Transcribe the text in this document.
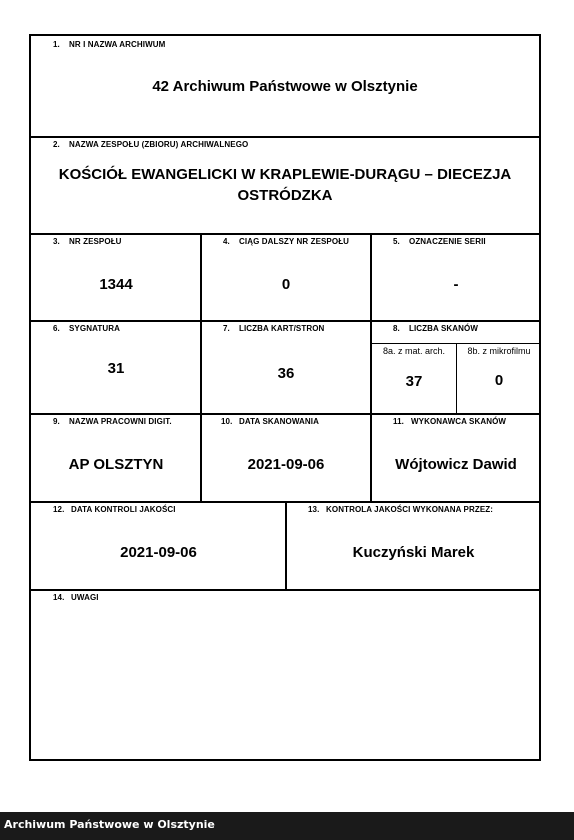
1. NR I NAZWA ARCHIWUM
42 Archiwum Państwowe w Olsztynie
2. NAZWA ZESPOŁU (ZBIORU) ARCHIWALNEGO
KOŚCIÓŁ EWANGELICKI W KRAPLEWIE-DURĄGU – DIECEZJA
OSTRÓDZKA
3. NR ZESPOŁU
1344
4. CIĄG DALSZY NR ZESPOŁU
0
5. OZNACZENIE SERII
-
6. SYGNATURA
31
7. LICZBA KART/STRON
36
8. LICZBA SKANÓW
8a. z mat. arch.	8b. z mikrofilmu
37	0
9. NAZWA PRACOWNI DIGIT.
AP OLSZTYN
10. DATA SKANOWANIA
2021-09-06
11. WYKONAWCA SKANÓW
Wójtowicz Dawid
12. DATA KONTROLI JAKOŚCI
2021-09-06
13. KONTROLA JAKOŚCI WYKONANA PRZEZ:
Kuczyński Marek
14. UWAGI
Archiwum Państwowe w Olsztynie
